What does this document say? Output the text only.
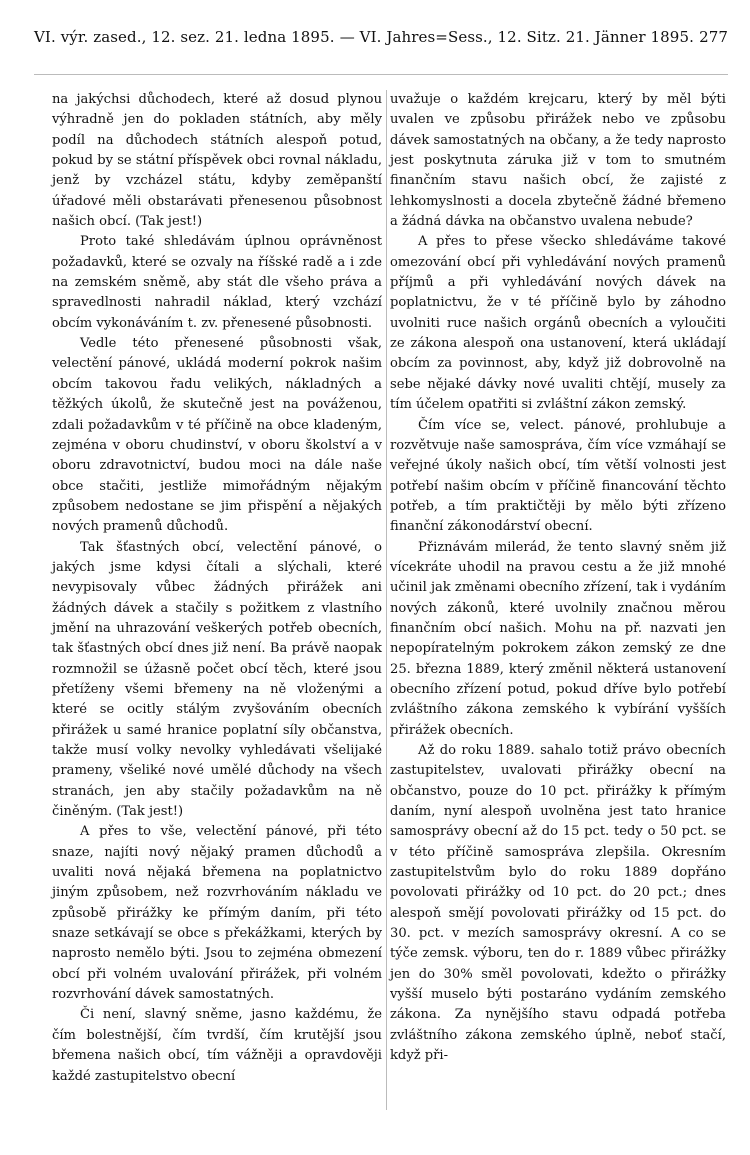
VI. výr. zased., 12. sez. 21. ledna 1895. — VI. Jahres=Sess., 12. Sitz. 21. Jänner 1895. 277

na jakýchsi důchodech, které až dosud plynou výhradně jen do pokladen státních, aby měly podíl na důchodech státních alespoň potud, pokud by se státní příspěvek obci rovnal nákladu, jenž by vzcházel státu, kdyby zeměpanští úřadové měli obstarávati přenesenou působnost našich obcí. (Tak jest!)

Proto také shledávám úplnou oprávněnost požadavků, které se ozvaly na říšské radě a i zde na zemském sněmě, aby stát dle všeho práva a spravedlnosti nahradil náklad, který vzchází obcím vykonáváním t. zv. přenesené působnosti.

Vedle této přenesené působnosti však, velectění pánové, ukládá moderní pokrok našim obcím takovou řadu velikých, nákladných a těžkých úkolů, že skutečně jest na pováženou, zdali požadavkům v té příčině na obce kladeným, zejména v oboru chudinství, v oboru školství a v oboru zdravotnictví, budou moci na dále naše obce stačiti, jestliže mimořádným nějakým způsobem nedostane se jim přispění a nějakých nových pramenů důchodů.

Tak šťastných obcí, velectění pánové, o jakých jsme kdysi čítali a slýchali, které nevypisovaly vůbec žádných přirážek ani žádných dávek a stačily s požitkem z vlastního jmění na uhrazování veškerých potřeb obecních, tak šťastných obcí dnes již není. Ba právě naopak rozmnožil se úžasně počet obcí těch, které jsou přetíženy všemi břemeny na ně vloženými a které se ocitly stálým zvyšováním obecních přirážek u samé hranice poplatní síly občanstva, takže musí volky nevolky vyhledávati všelijaké prameny, všeliké nové umělé důchody na všech stranách, jen aby stačily požadavkům na ně činěným. (Tak jest!)

A přes to vše, velectění pánové, při této snaze, najíti nový nějaký pramen důchodů a uvaliti nová nějaká břemena na poplatnictvo jiným způsobem, než rozvrhováním nákladu ve způsobě přirážky ke přímým daním, při této snaze setkávají se obce s překážkami, kterých by naprosto nemělo býti. Jsou to zejména obmezení obcí při volném uvalování přirážek, při volném rozvrhování dávek samostatných.

Či není, slavný sněme, jasno každému, že čím bolestnější, čím tvrdší, čím krutější jsou břemena našich obcí, tím vážněji a opravdověji každé zastupitelstvo obecní

uvažuje o každém krejcaru, který by měl býti uvalen ve způsobu přirážek nebo ve způsobu dávek samostatných na občany, a že tedy naprosto jest poskytnuta záruka již v tom to smutném finančním stavu našich obcí, že zajisté z lehkomyslnosti a docela zbytečně žádné břemeno a žádná dávka na občanstvo uvalena nebude?

A přes to přese všecko shledáváme takové omezování obcí při vyhledávání nových pramenů příjmů a při vyhledávání nových dávek na poplatnictvu, že v té příčině bylo by záhodno uvolniti ruce našich orgánů obecních a vyloučiti ze zákona alespoň ona ustanovení, která ukládají obcím za povinnost, aby, když již dobrovolně na sebe nějaké dávky nové uvaliti chtějí, musely za tím účelem opatřiti si zvláštní zákon zemský.

Čím více se, velect. pánové, prohlubuje a rozvětvuje naše samospráva, čím více vzmáhají se veřejné úkoly našich obcí, tím větší volnosti jest potřebí našim obcím v příčině financování těchto potřeb, a tím praktičtěji by mělo býti zřízeno finanční zákonodárství obecní.

Přiznávám milerád, že tento slavný sněm již vícekráte uhodil na pravou cestu a že již mnohé učinil jak změnami obecního zřízení, tak i vydáním nových zákonů, které uvolnily značnou měrou finančním obcí našich. Mohu na př. nazvati jen nepopíratelným pokrokem zákon zemský ze dne 25. března 1889, který změnil některá ustanovení obecního zřízení potud, pokud dříve bylo potřebí zvláštního zákona zemského k vybírání vyšších přirážek obecních.

Až do roku 1889. sahalo totiž právo obecních zastupitelstev, uvalovati přirážky obecní na občanstvo, pouze do 10 pct. přirážky k přímým daním, nyní alespoň uvolněna jest tato hranice samosprávy obecní až do 15 pct. tedy o 50 pct. se v této příčině samospráva zlepšila. Okresním zastupitelstvům bylo do roku 1889 dopřáno povolovati přirážky od 10 pct. do 20 pct.; dnes alespoň smějí povolovati přirážky od 15 pct. do 30. pct. v mezích samosprávy okresní. A co se týče zemsk. výboru, ten do r. 1889 vůbec přirážky jen do 30% směl povolovati, kdežto o přirážky vyšší muselo býti postaráno vydáním zemského zákona. Za nynějšího stavu odpadá potřeba zvláštního zákona zemského úplně, neboť stačí, když při-
